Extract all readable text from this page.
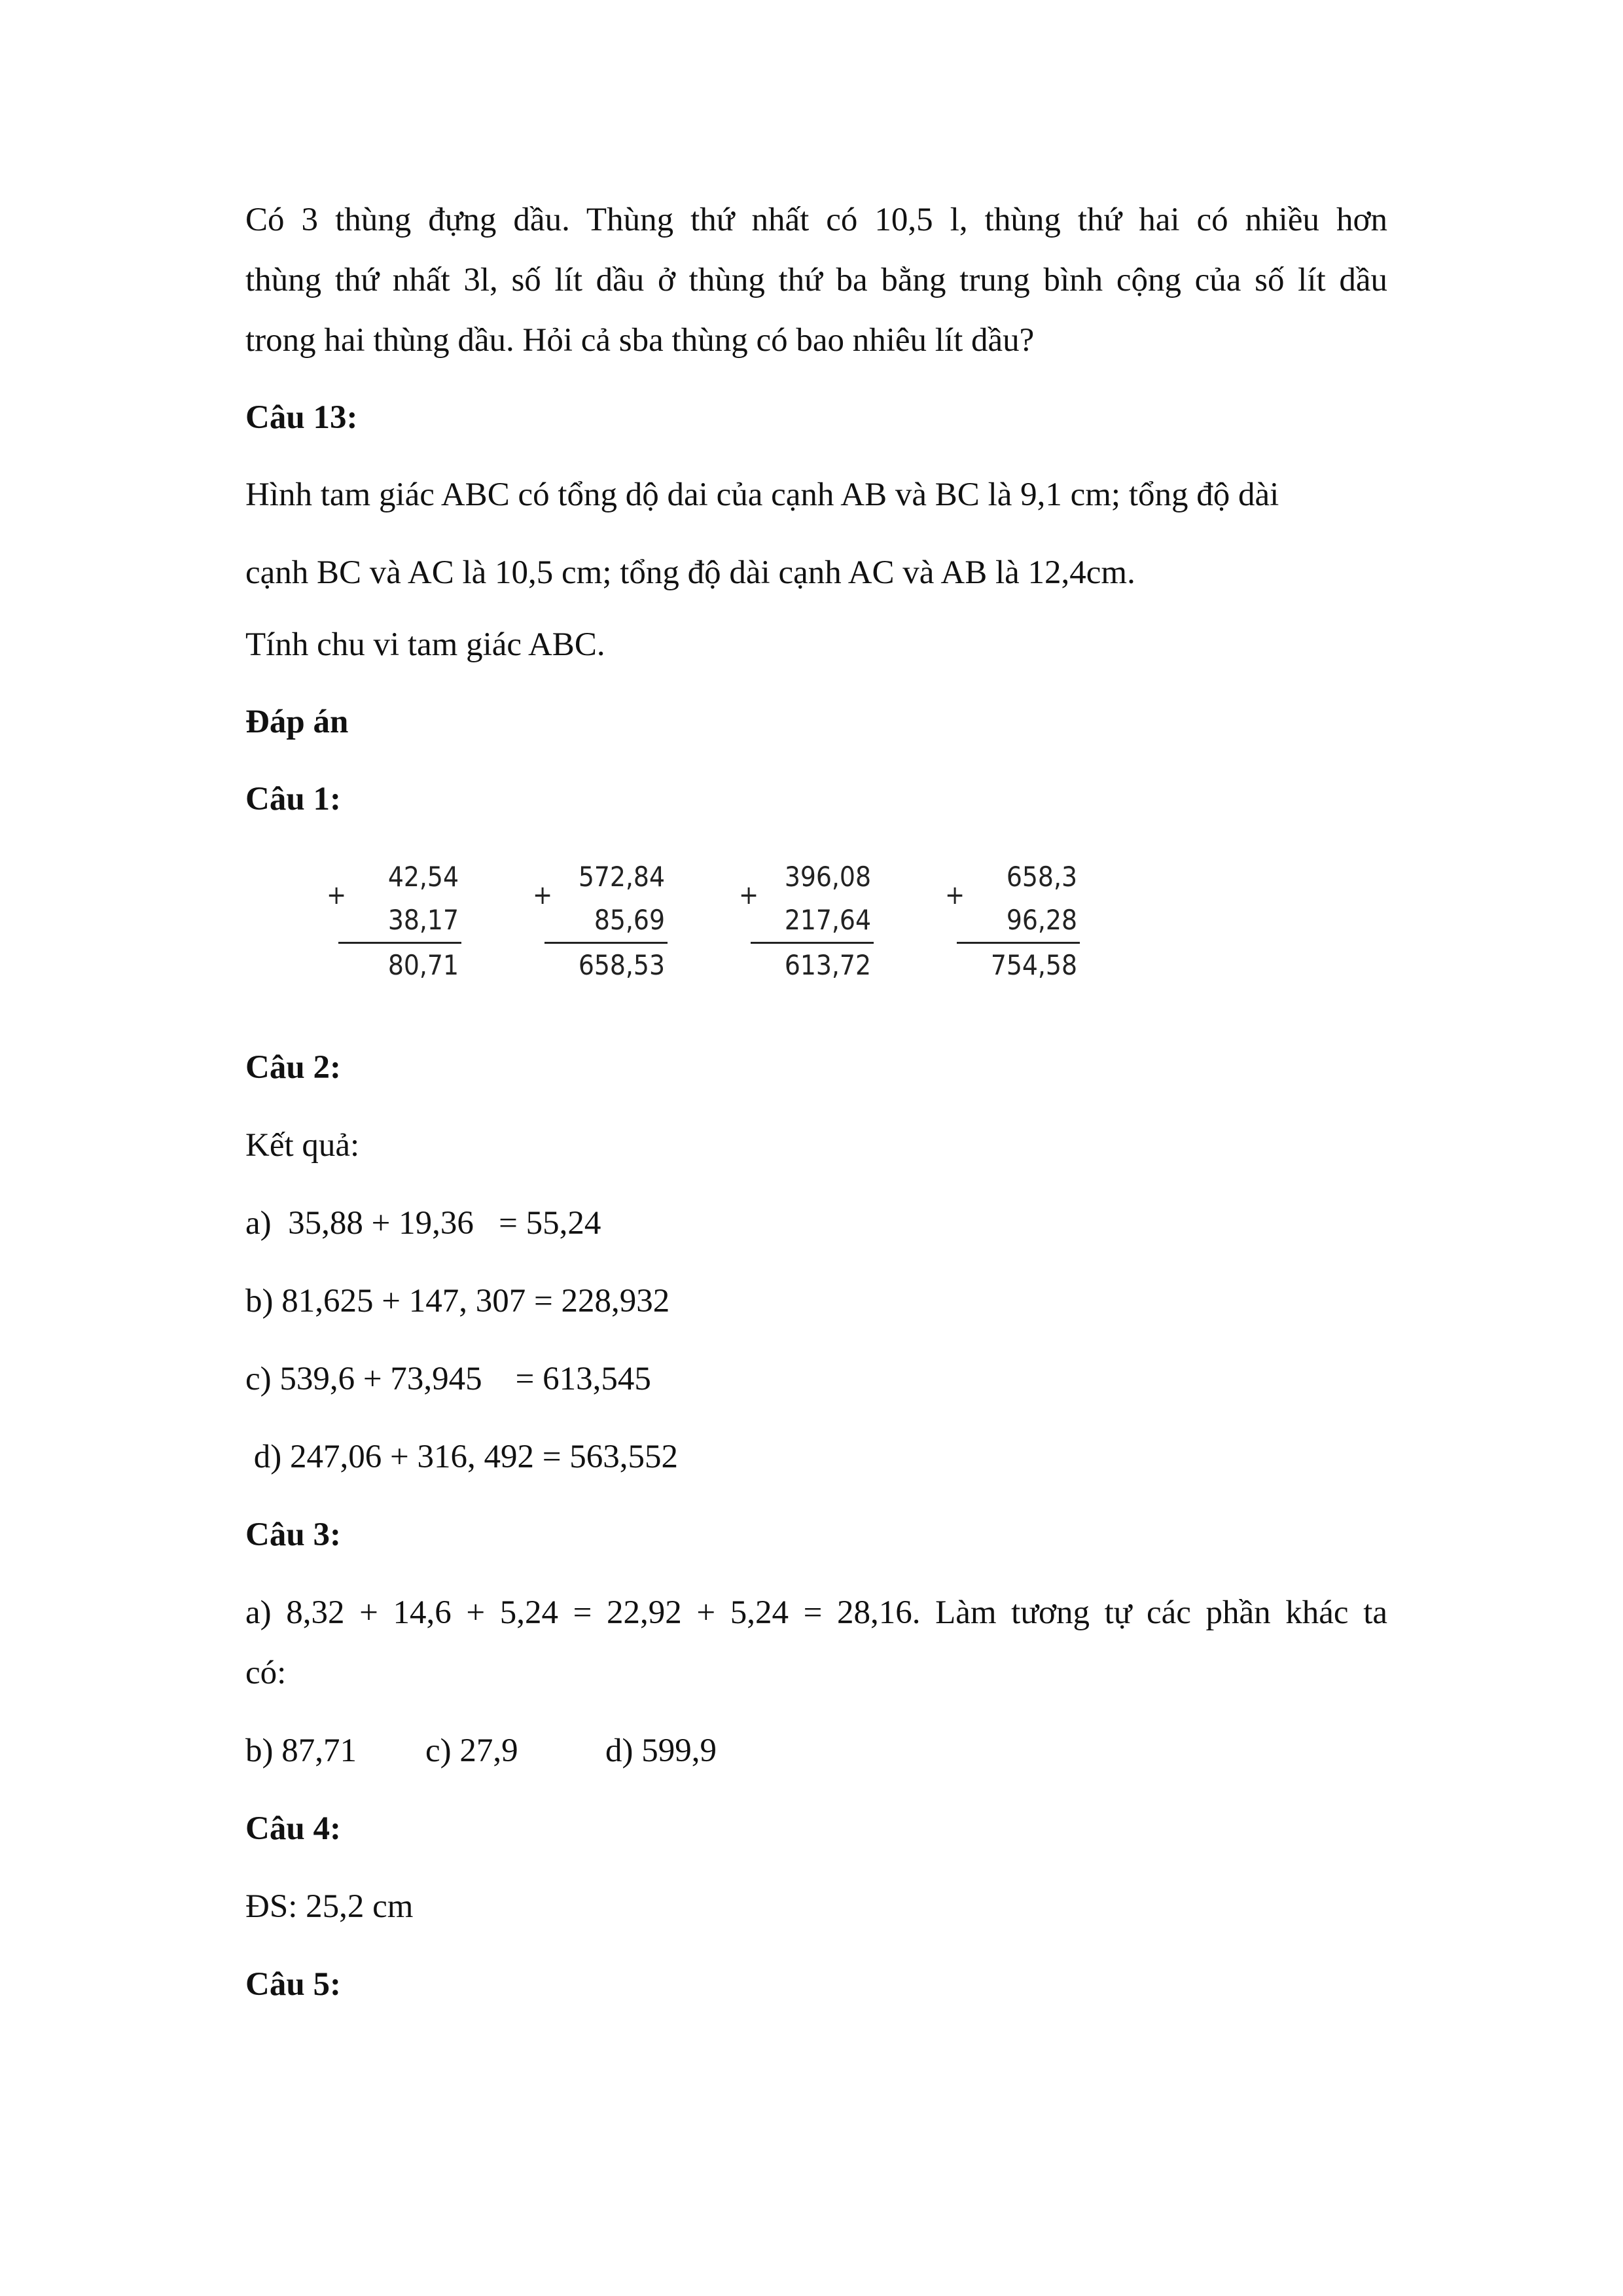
Có 3 thùng đựng dầu. Thùng thứ nhất có 10,5 l, thùng thứ hai có nhiều hơn

thùng thứ nhất 3l, số lít dầu ở thùng thứ ba bằng trung bình cộng của số lít dầu

trong hai thùng dầu. Hỏi cả sba thùng có bao nhiêu lít dầu?

Câu 13:

Hình tam giác ABC có tổng dộ dai của cạnh AB và BC là 9,1 cm; tổng độ dài

cạnh BC và AC là 10,5 cm; tổng độ dài cạnh AC và AB là 12,4cm.

Tính chu vi tam giác ABC.

Đáp án

Câu 1:

42,54
+
38,17
80,71
572,84
+
85,69
658,53
396,08
+
217,64
613,72
658,3
+
96,28
754,58

Câu 2:

Kết quả:

a)  35,88 + 19,36   = 55,24

b) 81,625 + 147, 307 = 228,932

c) 539,6 + 73,945    = 613,545

d) 247,06 + 316, 492 = 563,552

Câu 3:

a) 8,32 + 14,6 + 5,24 = 22,92 + 5,24 = 28,16. Làm tương tự các phần khác ta

có:

b) 87,71 c) 27,9	d) 599,9

Câu 4:

ĐS: 25,2 cm

Câu 5:
